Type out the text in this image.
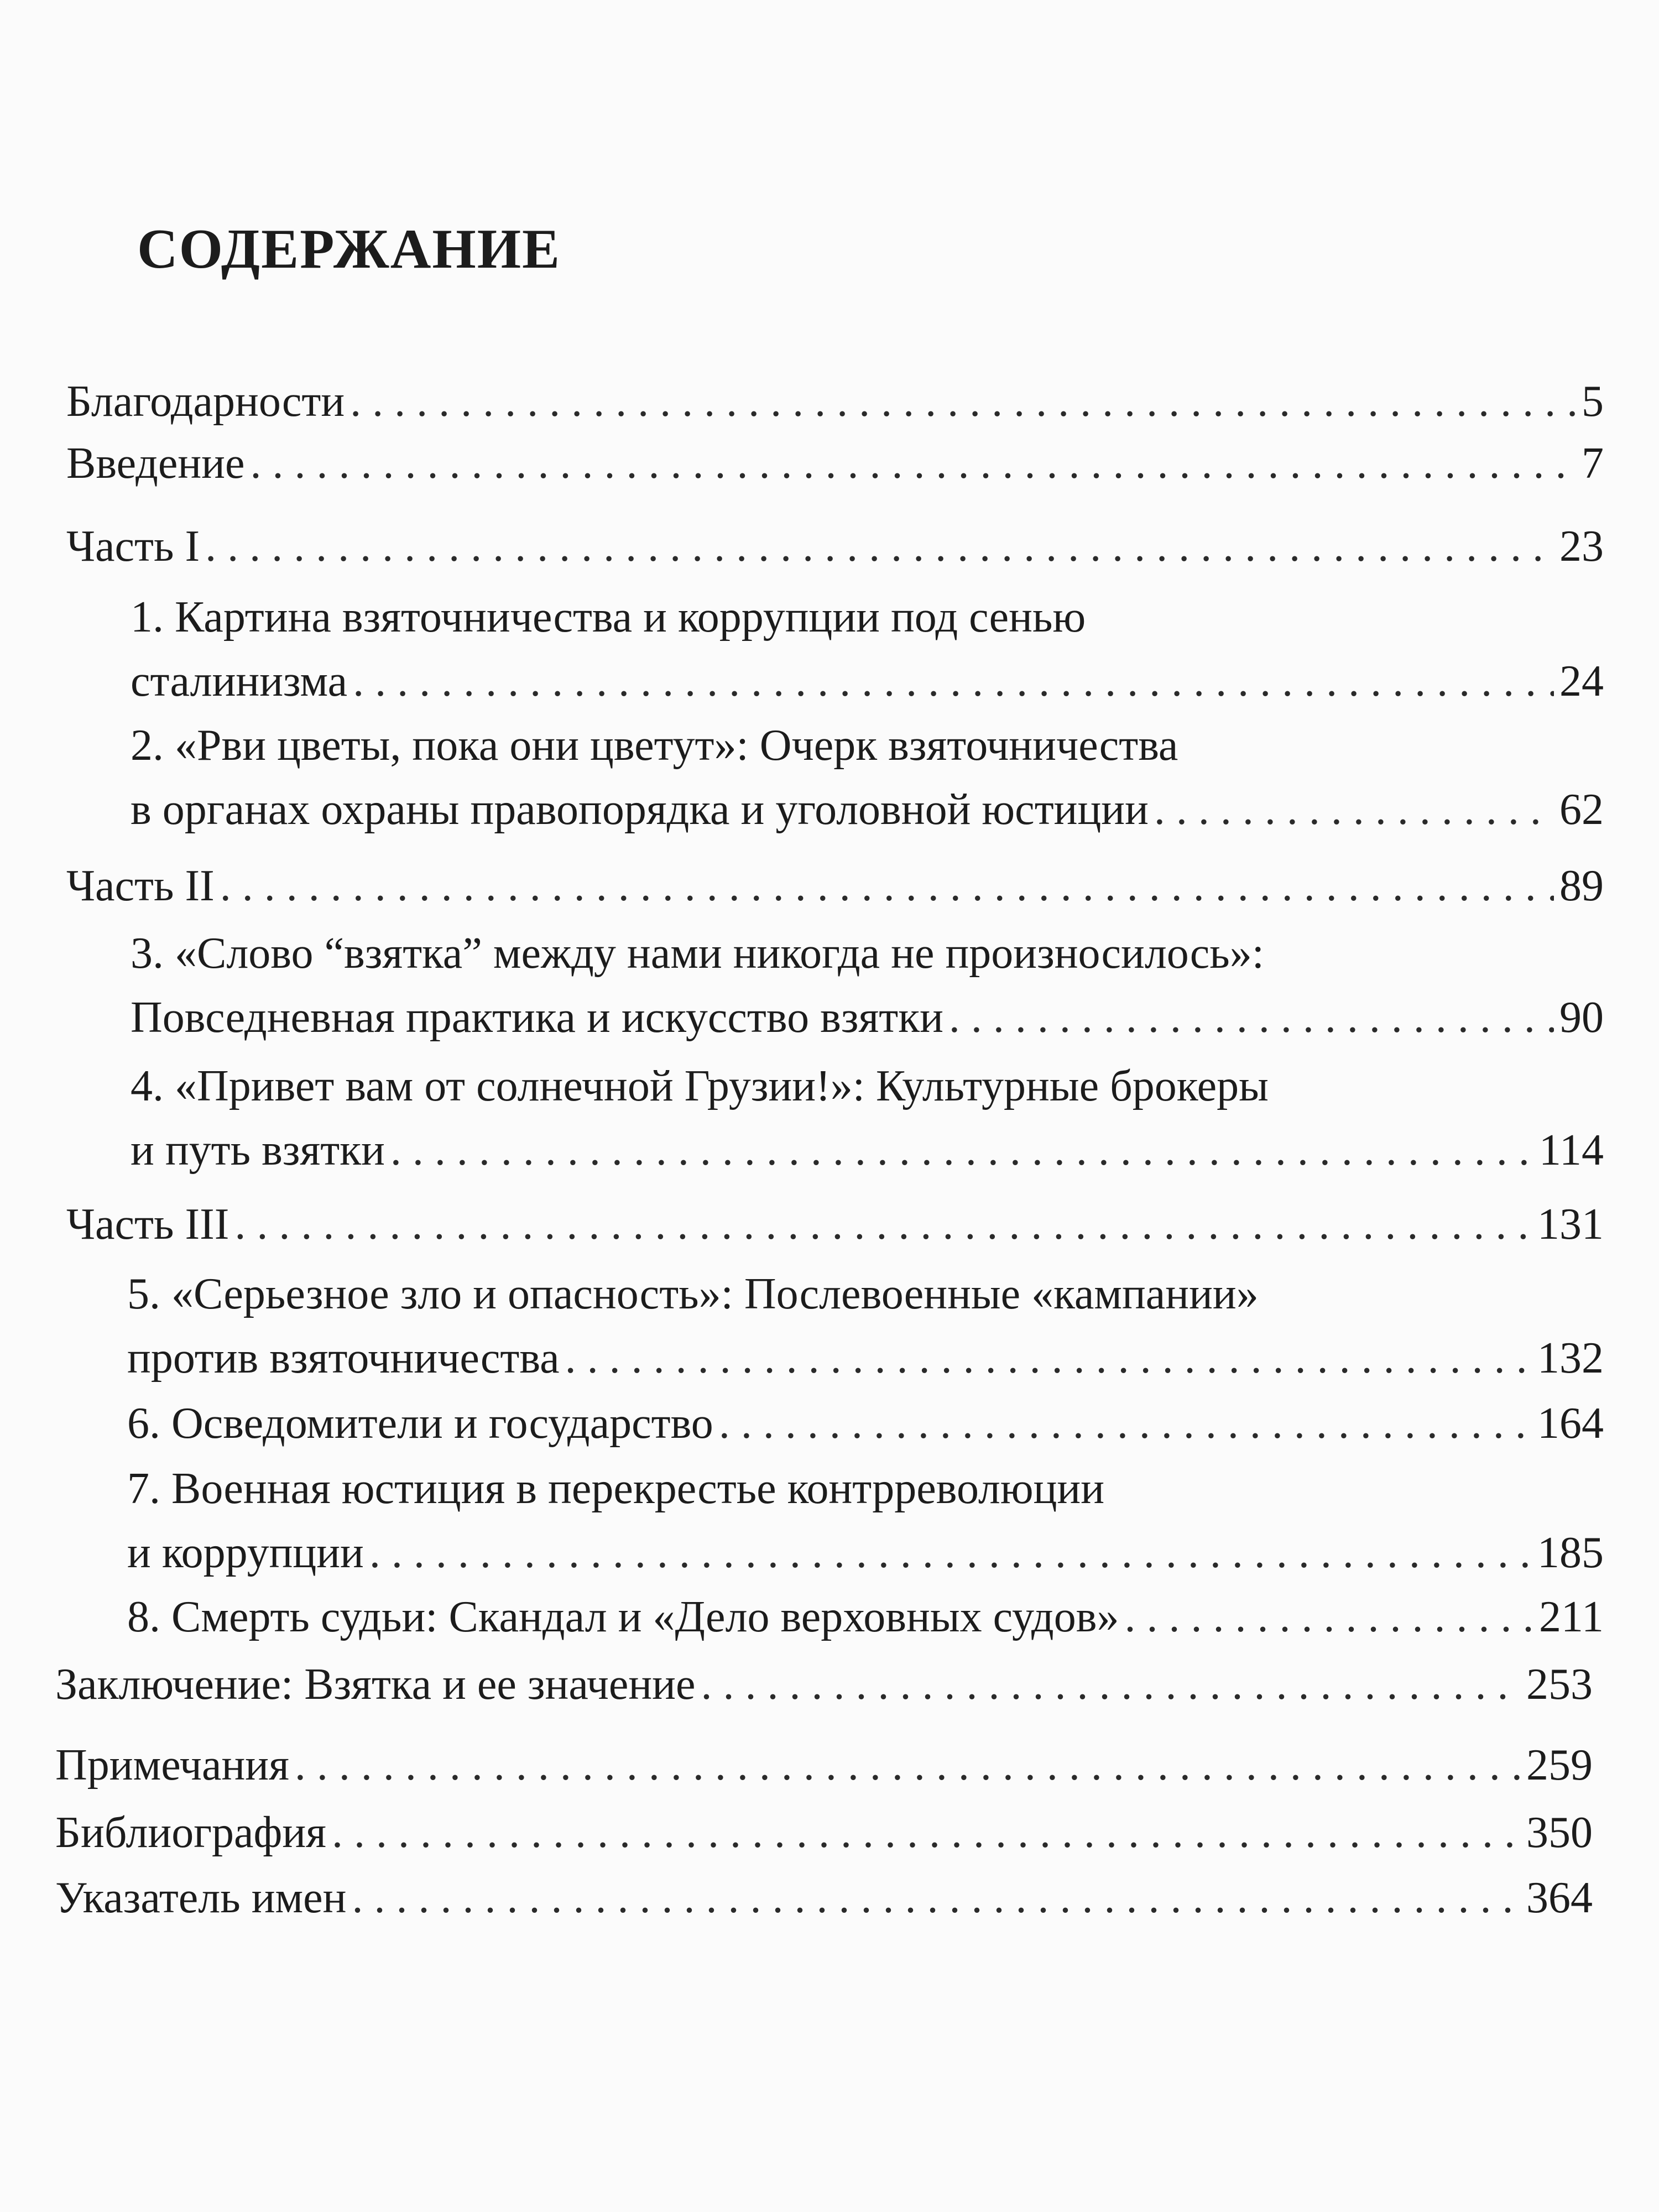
СОДЕРЖАНИЕ
Благодарности . . .	5
Введение . . .	7
Часть I . . .	23
1. Картина взяточничества и коррупции под сенью
сталинизма . . .	24
2. «Рви цветы, пока они цветут»: Очерк взяточничества
в органах охраны правопорядка и уголовной юстиции . . .	62
Часть II . . .	89
3. «Слово “взятка” между нами никогда не произносилось»:
Повседневная практика и искусство взятки . . .	90
4. «Привет вам от солнечной Грузии!»: Культурные брокеры
и путь взятки . . .	114
Часть III . . .	131
5. «Серьезное зло и опасность»: Послевоенные «кампании»
против взяточничества . . .	132
6. Осведомители и государство . . .	164
7. Военная юстиция в перекрестье контрреволюции
и коррупции . . .	185
8. Смерть судьи: Скандал и «Дело верховных судов» . . .	211
Заключение: Взятка и ее значение . . .	253
Примечания . . .	259
Библиография . . .	350
Указатель имен . . .	364
